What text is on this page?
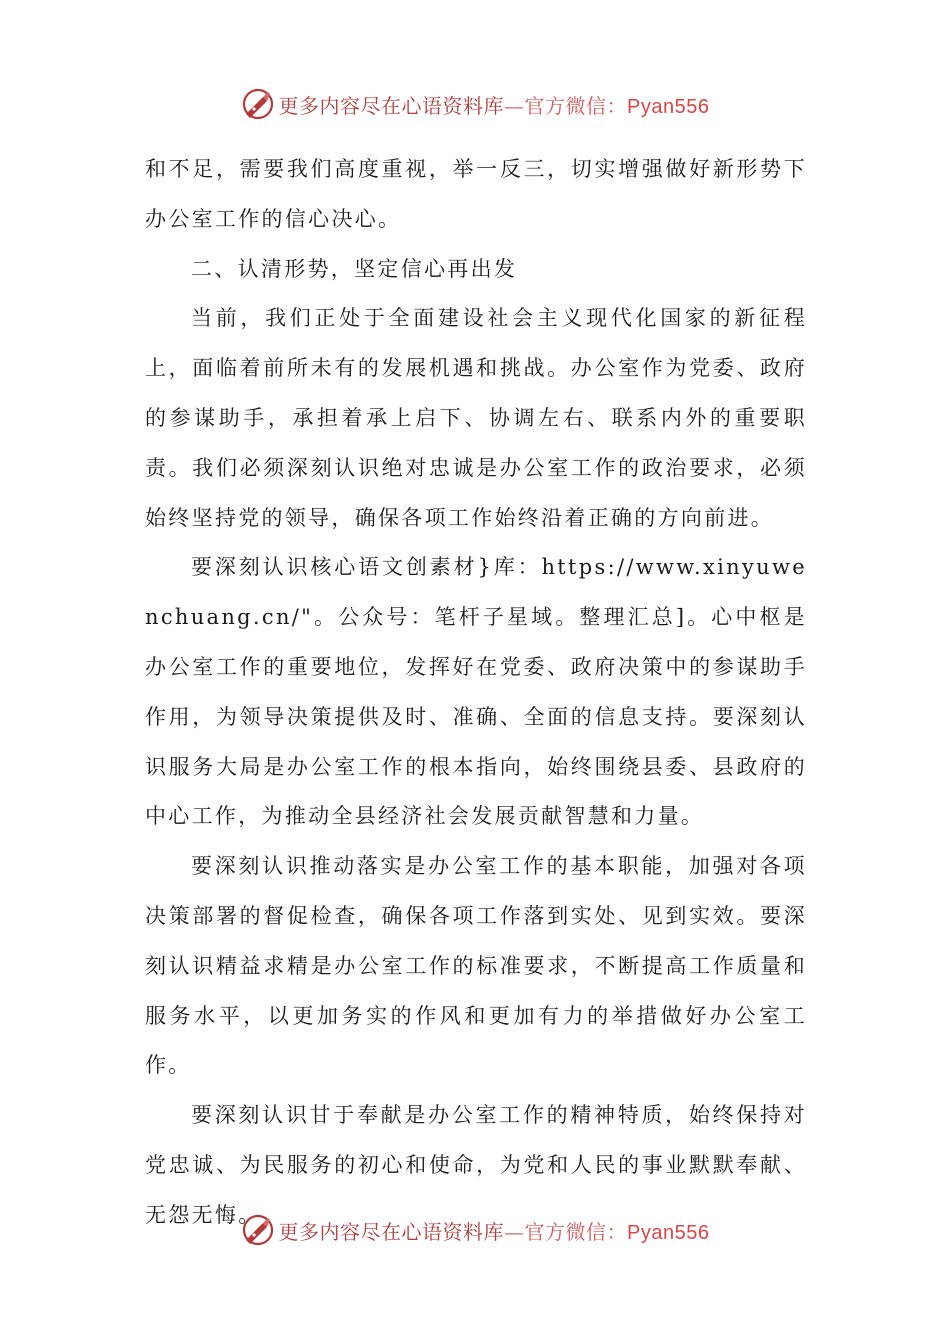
更多内容尽在心语资料库—官方微信：Pyan556

和不足，需要我们高度重视，举一反三，切实增强做好新形势下办公室工作的信心决心。

二、认清形势，坚定信心再出发

当前，我们正处于全面建设社会主义现代化国家的新征程上，面临着前所未有的发展机遇和挑战。办公室作为党委、政府的参谋助手，承担着承上启下、协调左右、联系内外的重要职责。我们必须深刻认识绝对忠诚是办公室工作的政治要求，必须始终坚持党的领导，确保各项工作始终沿着正确的方向前进。

要深刻认识核心语文创素材}库：https://www.xinyuwenchuang.cn/"。公众号：笔杆子星域。整理汇总]。心中枢是办公室工作的重要地位，发挥好在党委、政府决策中的参谋助手作用，为领导决策提供及时、准确、全面的信息支持。要深刻认识服务大局是办公室工作的根本指向，始终围绕县委、县政府的中心工作，为推动全县经济社会发展贡献智慧和力量。

要深刻认识推动落实是办公室工作的基本职能，加强对各项决策部署的督促检查，确保各项工作落到实处、见到实效。要深刻认识精益求精是办公室工作的标准要求，不断提高工作质量和服务水平，以更加务实的作风和更加有力的举措做好办公室工作。

要深刻认识甘于奉献是办公室工作的精神特质，始终保持对党忠诚、为民服务的初心和使命，为党和人民的事业默默奉献、无怨无悔。

更多内容尽在心语资料库—官方微信：Pyan556
